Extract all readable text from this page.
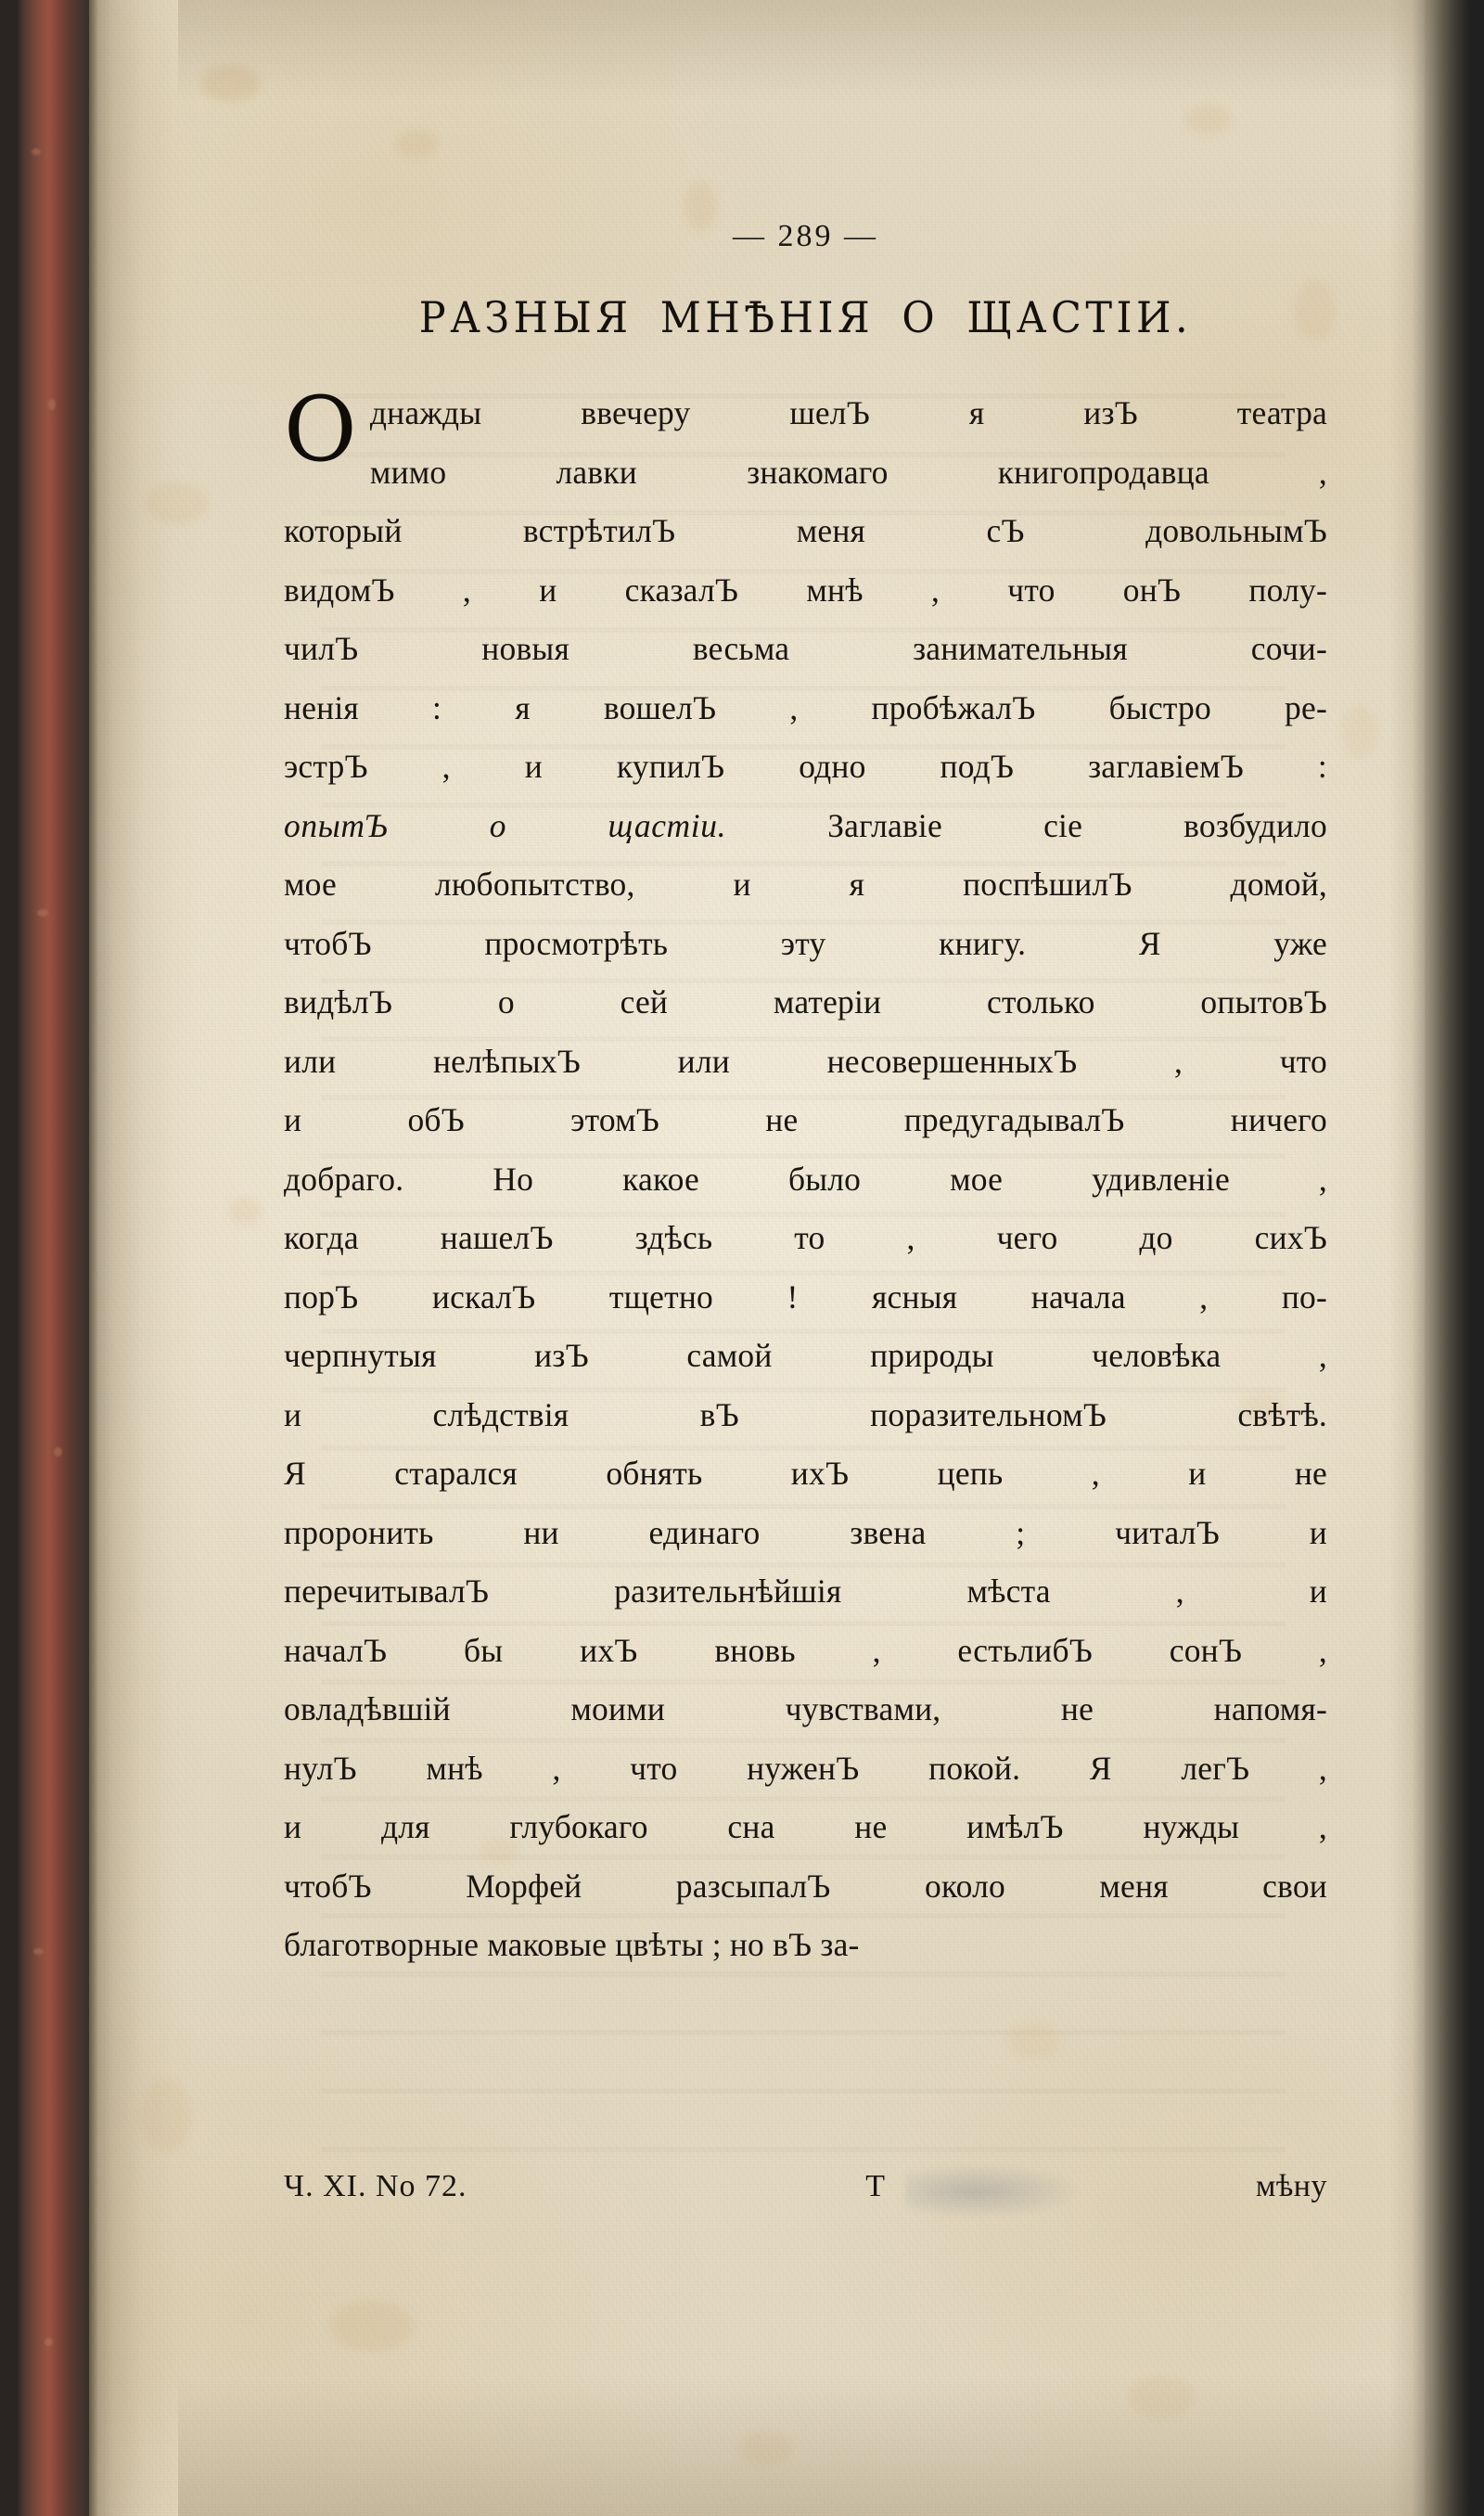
— 289 —
РАЗНЫЯ МНѢНІЯ О ЩАСТІИ.
О днажды ввечеру шелЪ я изЪ театра
мимо лавки знакомаго книгопродавца ,
который встрѣтилЪ меня сЪ довольнымЪ
видомЪ , и сказалЪ мнѣ , что онЪ полу-
чилЪ новыя весьма занимательныя сочи-
ненія : я вошелЪ , пробѣжалЪ быстро ре-
эстрЪ , и купилЪ одно подЪ заглавіемЪ :
опытЪ о щастіи. Заглавіе сіе возбудило
мое любопытство, и я поспѣшилЪ домой,
чтобЪ просмотрѣть эту книгу. Я уже
видѣлЪ о сей матеріи столько опытовЪ
или нелѣпыхЪ или несовершенныхЪ , что
и обЪ этомЪ не предугадывалЪ ничего
добраго. Но какое было мое удивленіе ,
когда нашелЪ здѣсь то , чего до сихЪ
порЪ искалЪ тщетно ! ясныя начала , по-
черпнутыя изЪ самой природы человѣка ,
и слѣдствія вЪ поразительномЪ свѣтѣ.
Я старался обнять ихЪ цепь , и не
проронить ни единаго звена ; читалЪ и
перечитывалЪ разительнѣйшія мѣста , и
началЪ бы ихЪ вновь , естьлибЪ сонЪ ,
овладѣвшій моими чувствами, не напомя-
нулЪ мнѣ , что нуженЪ покой. Я легЪ ,
и для глубокаго сна не имѣлЪ нужды ,
чтобЪ Морфей разсыпалЪ около меня свои
благотворные маковые цвѣты ; но вЪ за-
Ч. XI. No 72.	Т	мѣну
